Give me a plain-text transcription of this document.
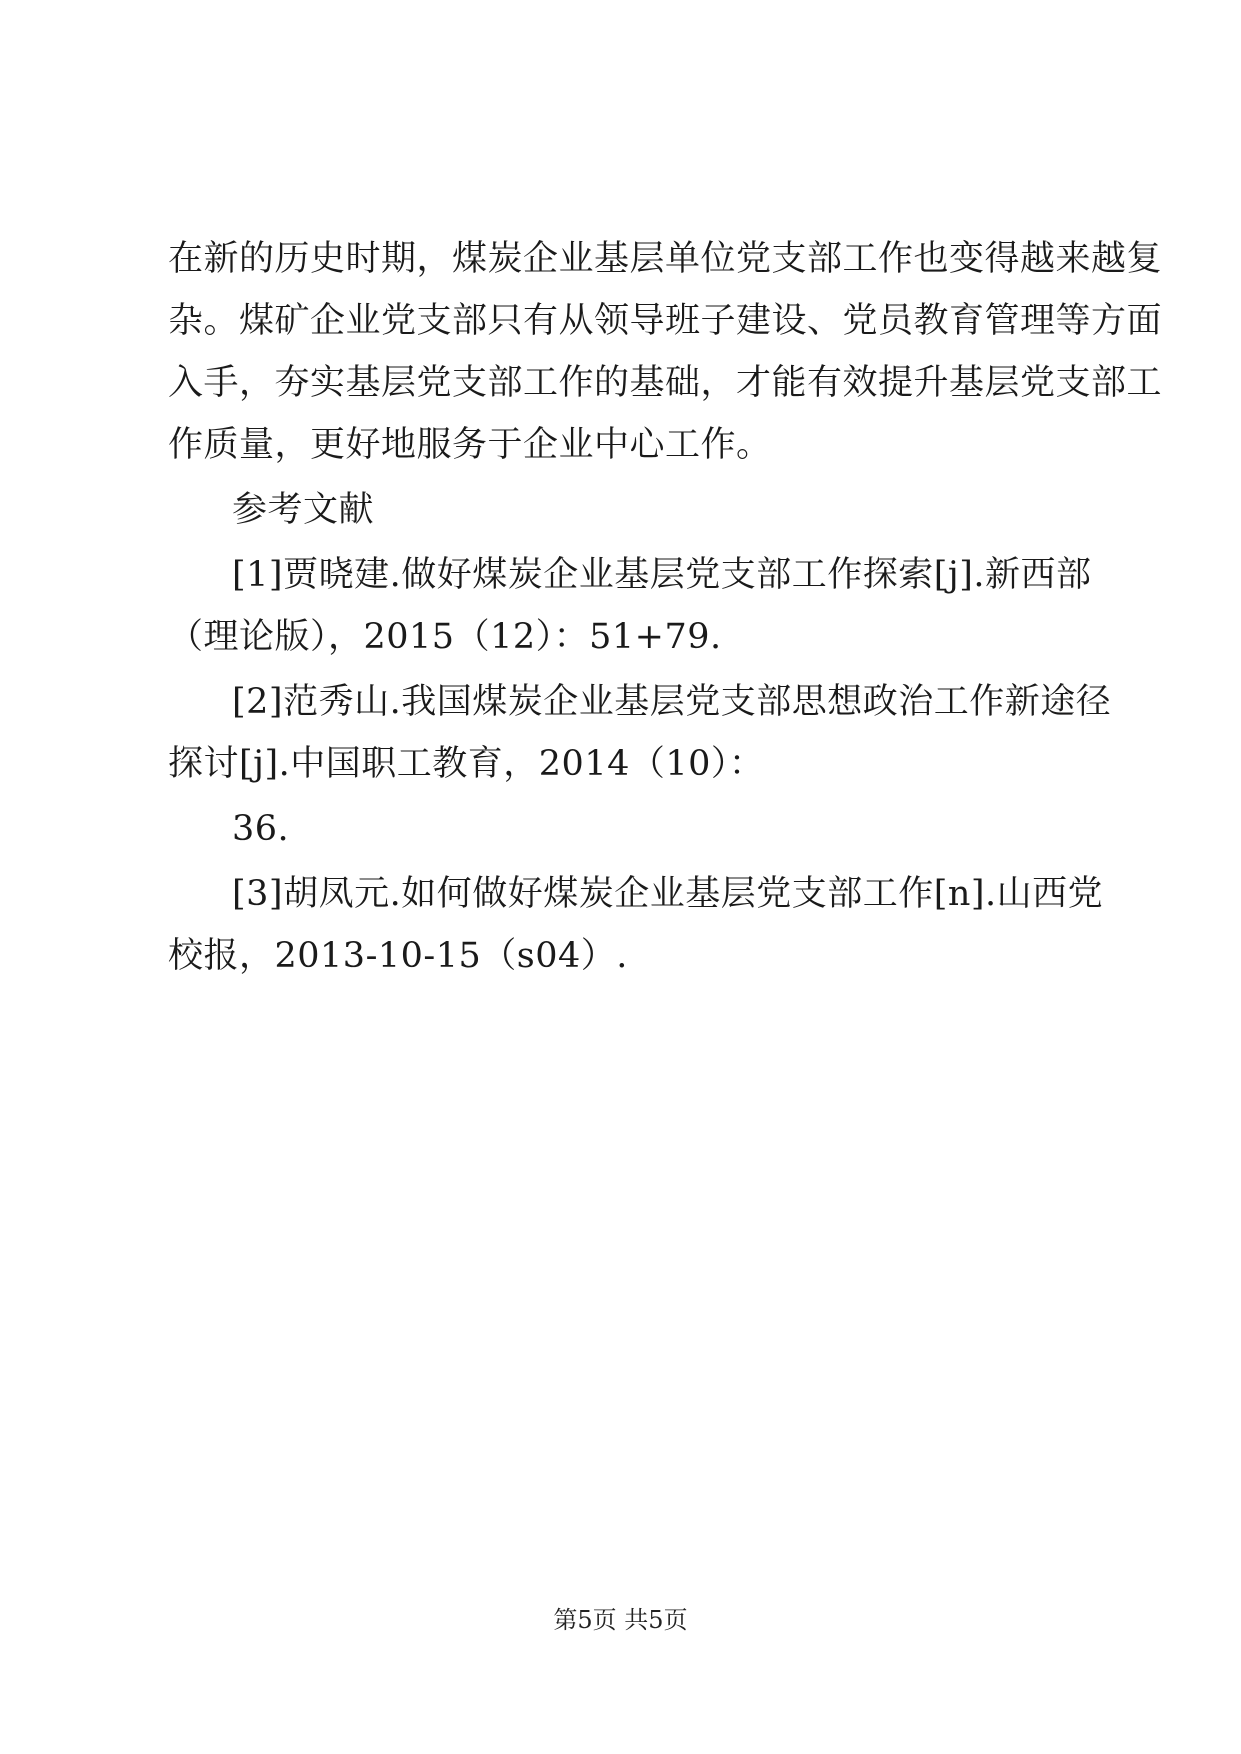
在新的历史时期，煤炭企业基层单位党支部工作也变得越来越复
杂。煤矿企业党支部只有从领导班子建设、党员教育管理等方面
入手，夯实基层党支部工作的基础，才能有效提升基层党支部工
作质量，更好地服务于企业中心工作。
参考文献
[1]贾晓建.做好煤炭企业基层党支部工作探索[j].新西部
（理论版），2015（12）：51+79.
[2]范秀山.我国煤炭企业基层党支部思想政治工作新途径
探讨[j].中国职工教育，2014（10）：
36.
[3]胡凤元.如何做好煤炭企业基层党支部工作[n].山西党
校报，2013-10-15（s04）.
第5页 共5页
